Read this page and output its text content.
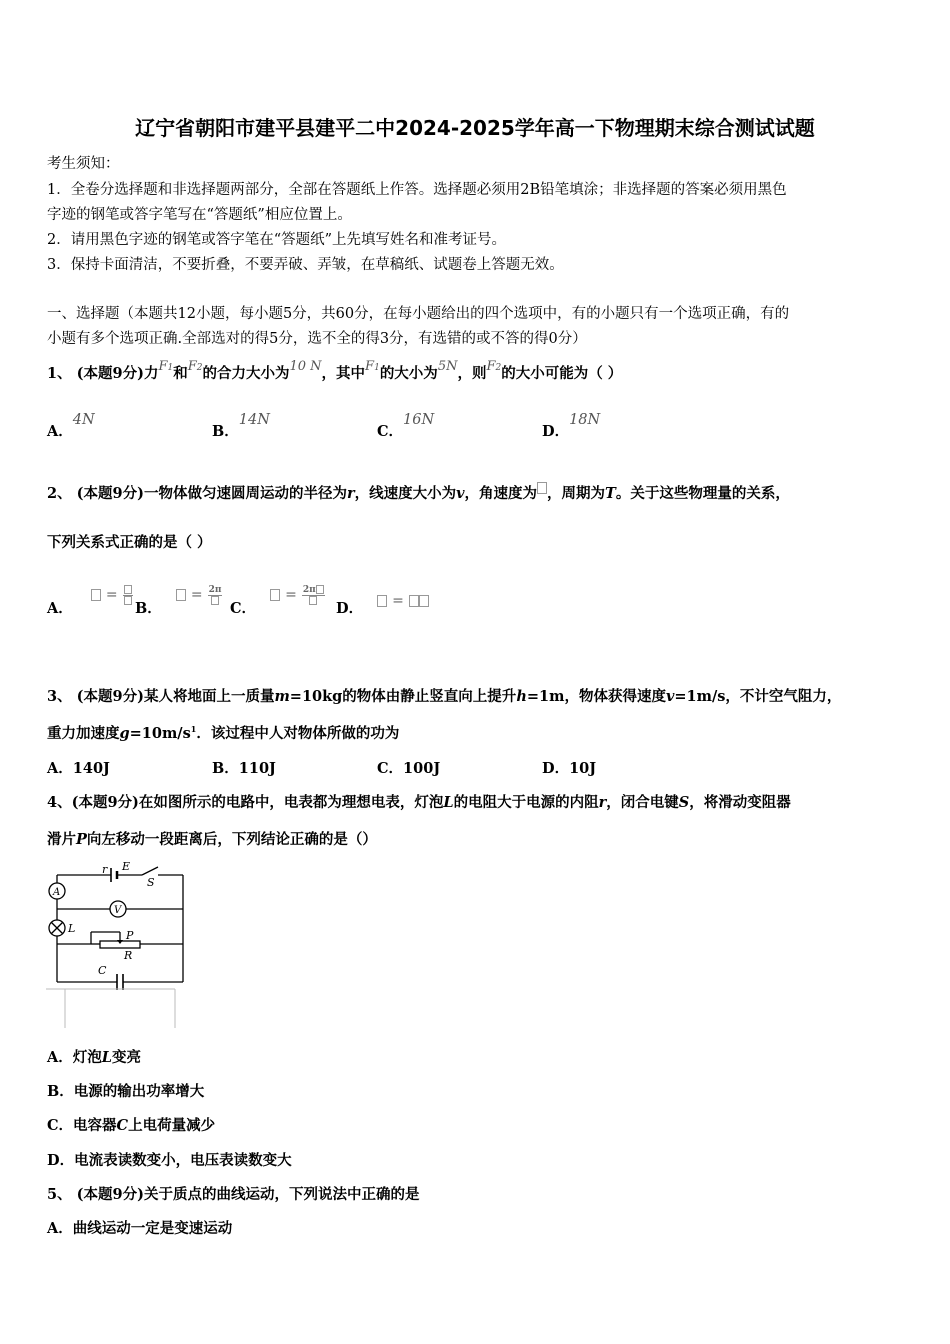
辽宁省朝阳市建平县建平二中2024-2025学年高一下物理期末综合测试试题
考生须知：
1．全卷分选择题和非选择题两部分，全部在答题纸上作答。选择题必须用2B铅笔填涂；非选择题的答案必须用黑色
字迹的钢笔或答字笔写在“答题纸”相应位置上。
2．请用黑色字迹的钢笔或答字笔在“答题纸”上先填写姓名和准考证号。
3．保持卡面清洁，不要折叠，不要弄破、弄皱，在草稿纸、试题卷上答题无效。
一、选择题（本题共12小题，每小题5分，共60分，在每小题给出的四个选项中，有的小题只有一个选项正确，有的
小题有多个选项正确.全部选对的得5分，选不全的得3分，有选错的或不答的得0分）
1、 (本题9分)力F1和F2的合力大小为10 N，其中F1的大小为5N，则F2的大小可能为（ ）
A．4N
B．14N
C．16N
D．18N
2、 (本题9分)一物体做匀速圆周运动的半径为r，线速度大小为v，角速度为 ，周期为T。关于这些物理量的关系，
下列关系式正确的是（ ）
A． =
B． = 2π
C． = 2π
D． =
3、 (本题9分)某人将地面上一质量m=10kg的物体由静止竖直向上提升h=1m，物体获得速度v=1m/s，不计空气阻力，
重力加速度$g=10m/s^1$．该过程中人对物体所做的功为
A．140J	B．110J	C．100J	D．10J
4、(本题9分)在如图所示的电路中，电表都为理想电表，灯泡L的电阻大于电源的内阻r，闭合电键S，将滑动变阻器
滑片P向左移动一段距离后，下列结论正确的是（）
r E
S
A
V
L
P
R
C
A．灯泡L变亮
B．电源的输出功率增大
C．电容器C上电荷量减少
D．电流表读数变小，电压表读数变大
5、 (本题9分)关于质点的曲线运动，下列说法中正确的是
A．曲线运动一定是变速运动
